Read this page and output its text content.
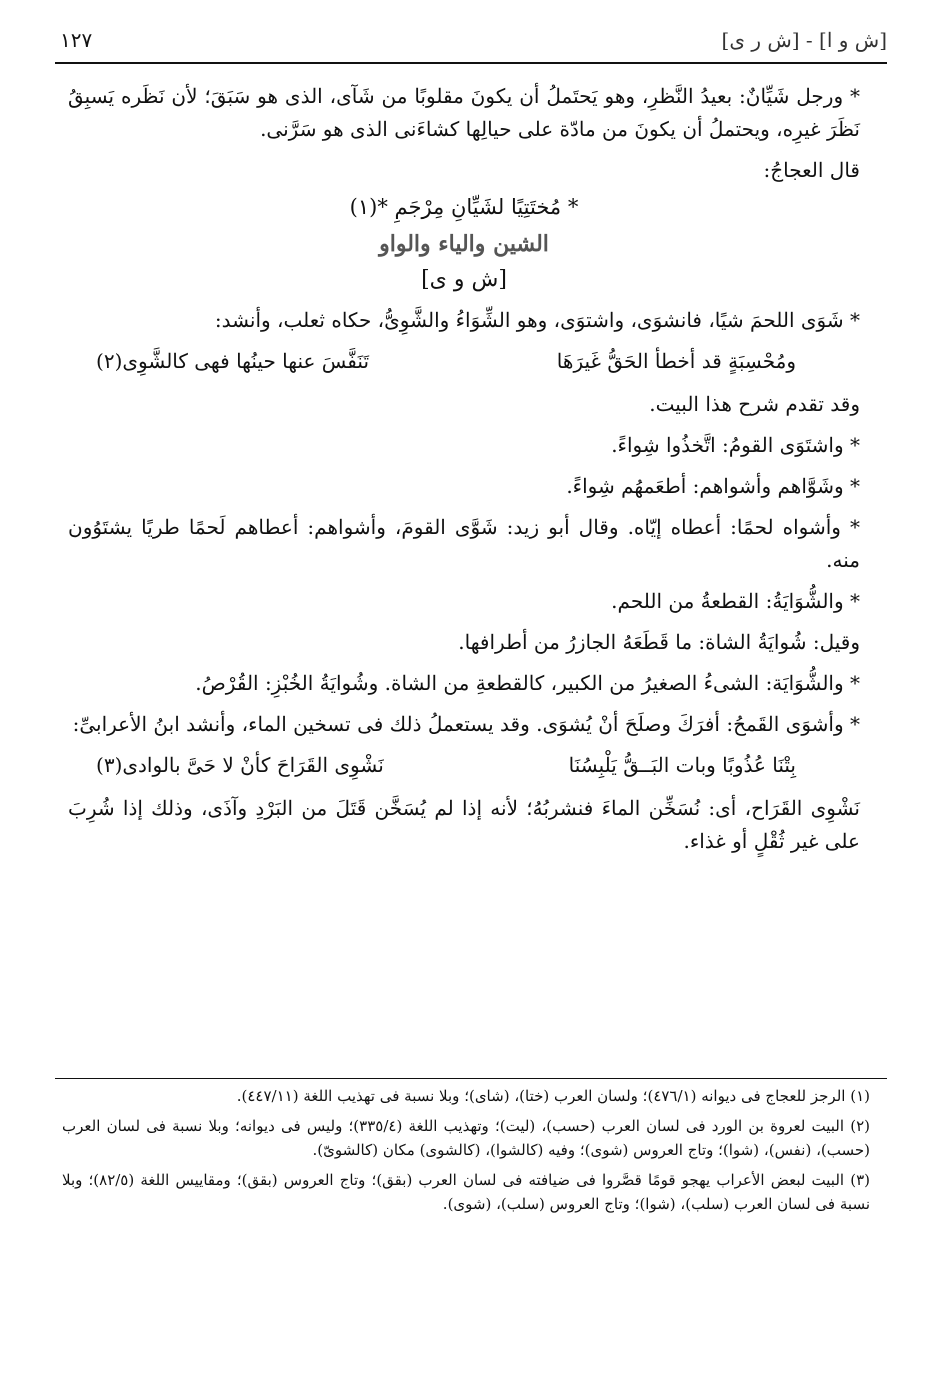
١٢٧	[ش و ا] - [ش ر ى]

* ورجل شَيِّانٌ: بعيدُ النَّظرِ، وهو يَحتَملُ أن يكونَ مقلوبًا من شَآى، الذى هو سَبَقَ؛ لأن نَظَره يَسبِقُ نَظَرَ غيرِه، ويحتملُ أن يكونَ من مادّة على حيالِها كشاءَنى الذى هو سَرَّنى.

قال العجاجُ:

* مُختَتِيًا لشَيِّانِ مِرْجَمِ *(١)
الشين والياء والواو
[ش و ى]

* شَوَى اللحمَ شيًا، فانشوَى، واشتوَى، وهو الشِّوَاءُ والشَّوِىُّ، حكاه ثعلب، وأنشد:

ومُحْسِبَةٍ قد أخطأ الحَقُّ غَيرَهَا
تَنَفَّسَ عنها حينُها فهى كالشَّوِى(٢)

وقد تقدم شرح هذا البيت.

* واشتَوَى القومُ: اتَّخذُوا شِواءً.

* وشَوَّاهم وأشواهم: أطعَمهُم شِواءً.

* وأشواه لحمًا: أعطاه إيّاه. وقال أبو زيد: شَوَّى القومَ، وأشواهم: أعطاهم لَحمًا طريًا يشتَوُون منه.

* والشُّوَايَةُ: القطعةُ من اللحم.

وقيل: شُوايَةُ الشاة: ما قَطَعَهُ الجازرُ من أطرافها.

* والشُّوَايَة: الشىءُ الصغيرُ من الكبير، كالقطعةِ من الشاة. وشُوايَةُ الخُبْزِ: القُرْصُ.

* وأشوَى القَمحُ: أفرَكَ وصلَحَ أنْ يُشوَى. وقد يستعملُ ذلك فى تسخين الماء، وأنشد ابنُ الأعرابىِّ:

بِتْنَا عُذُوبًا وبات البَــقُّ يَلْبِسُنَا
نَشْوِى القَرَاحَ كأنْ لا حَىَّ بالوادى(٣)

نَشْوِى القَرَاح، أى: نُسَخِّن الماءَ فنشربُهُ؛ لأنه إذا لم يُسَخَّن قَتَلَ من البَرْدِ وآذَى، وذلك إذا شُرِبَ على غير ثُقْلٍ أو غذاء.

(١) الرجز للعجاج فى ديوانه (٤٧٦/١)؛ ولسان العرب (ختا)، (شاى)؛ وبلا نسبة فى تهذيب اللغة (٤٤٧/١١).

(٢) البيت لعروة بن الورد فى لسان العرب (حسب)، (ليت)؛ وتهذيب اللغة (٣٣٥/٤)؛ وليس فى ديوانه؛ وبلا نسبة فى لسان العرب (حسب)، (نفس)، (شوا)؛ وتاج العروس (شوى)؛ وفيه (كالشوا)، (كالشوى) مكان (كالشوىّ).

(٣) البيت لبعض الأعراب يهجو قومًا قصَّروا فى ضيافته فى لسان العرب (بقق)؛ وتاج العروس (بقق)؛ ومقاييس اللغة (٨٢/٥)؛ وبلا نسبة فى لسان العرب (سلب)، (شوا)؛ وتاج العروس (سلب)، (شوى).
